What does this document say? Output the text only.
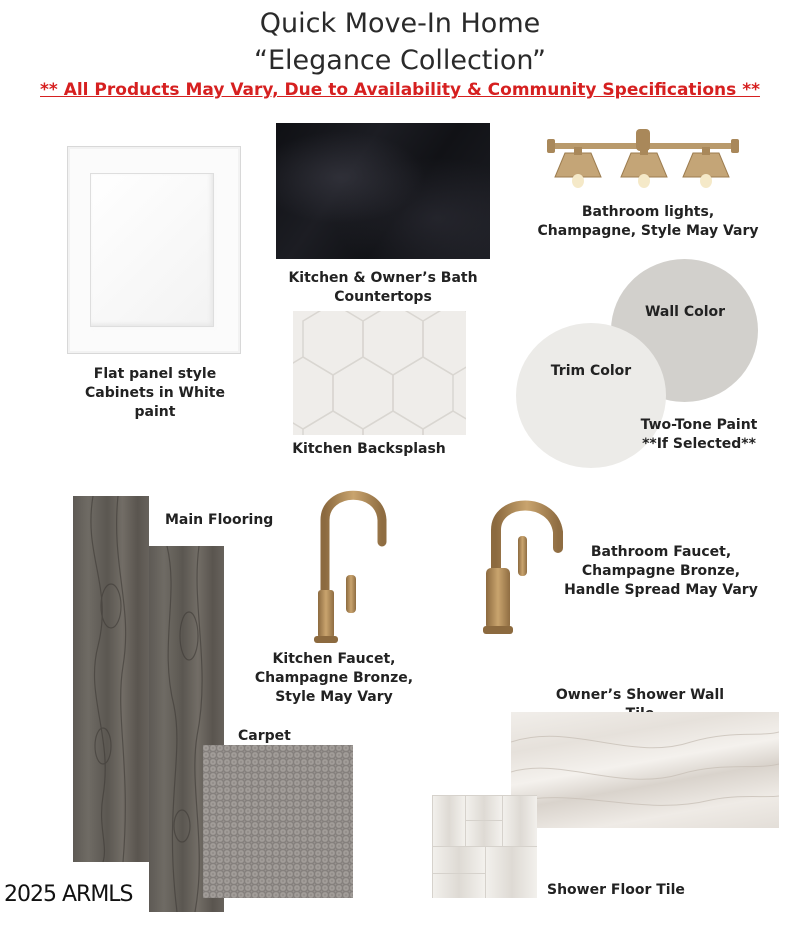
Quick Move-In Home
“Elegance Collection”
** All Products May Vary, Due to Availability & Community Specifications **
Flat panel style
Cabinets in White
paint
Kitchen & Owner’s Bath
Countertops
Bathroom lights,
Champagne, Style May Vary
Kitchen Backsplash
Wall Color
Trim Color
Two-Tone Paint
**If Selected**
Main Flooring
Kitchen Faucet,
Champagne Bronze,
Style May Vary
Bathroom Faucet,
Champagne Bronze,
Handle Spread May Vary
Owner’s Shower Wall
Carpet
Shower Floor Tile
2025 ARMLS
